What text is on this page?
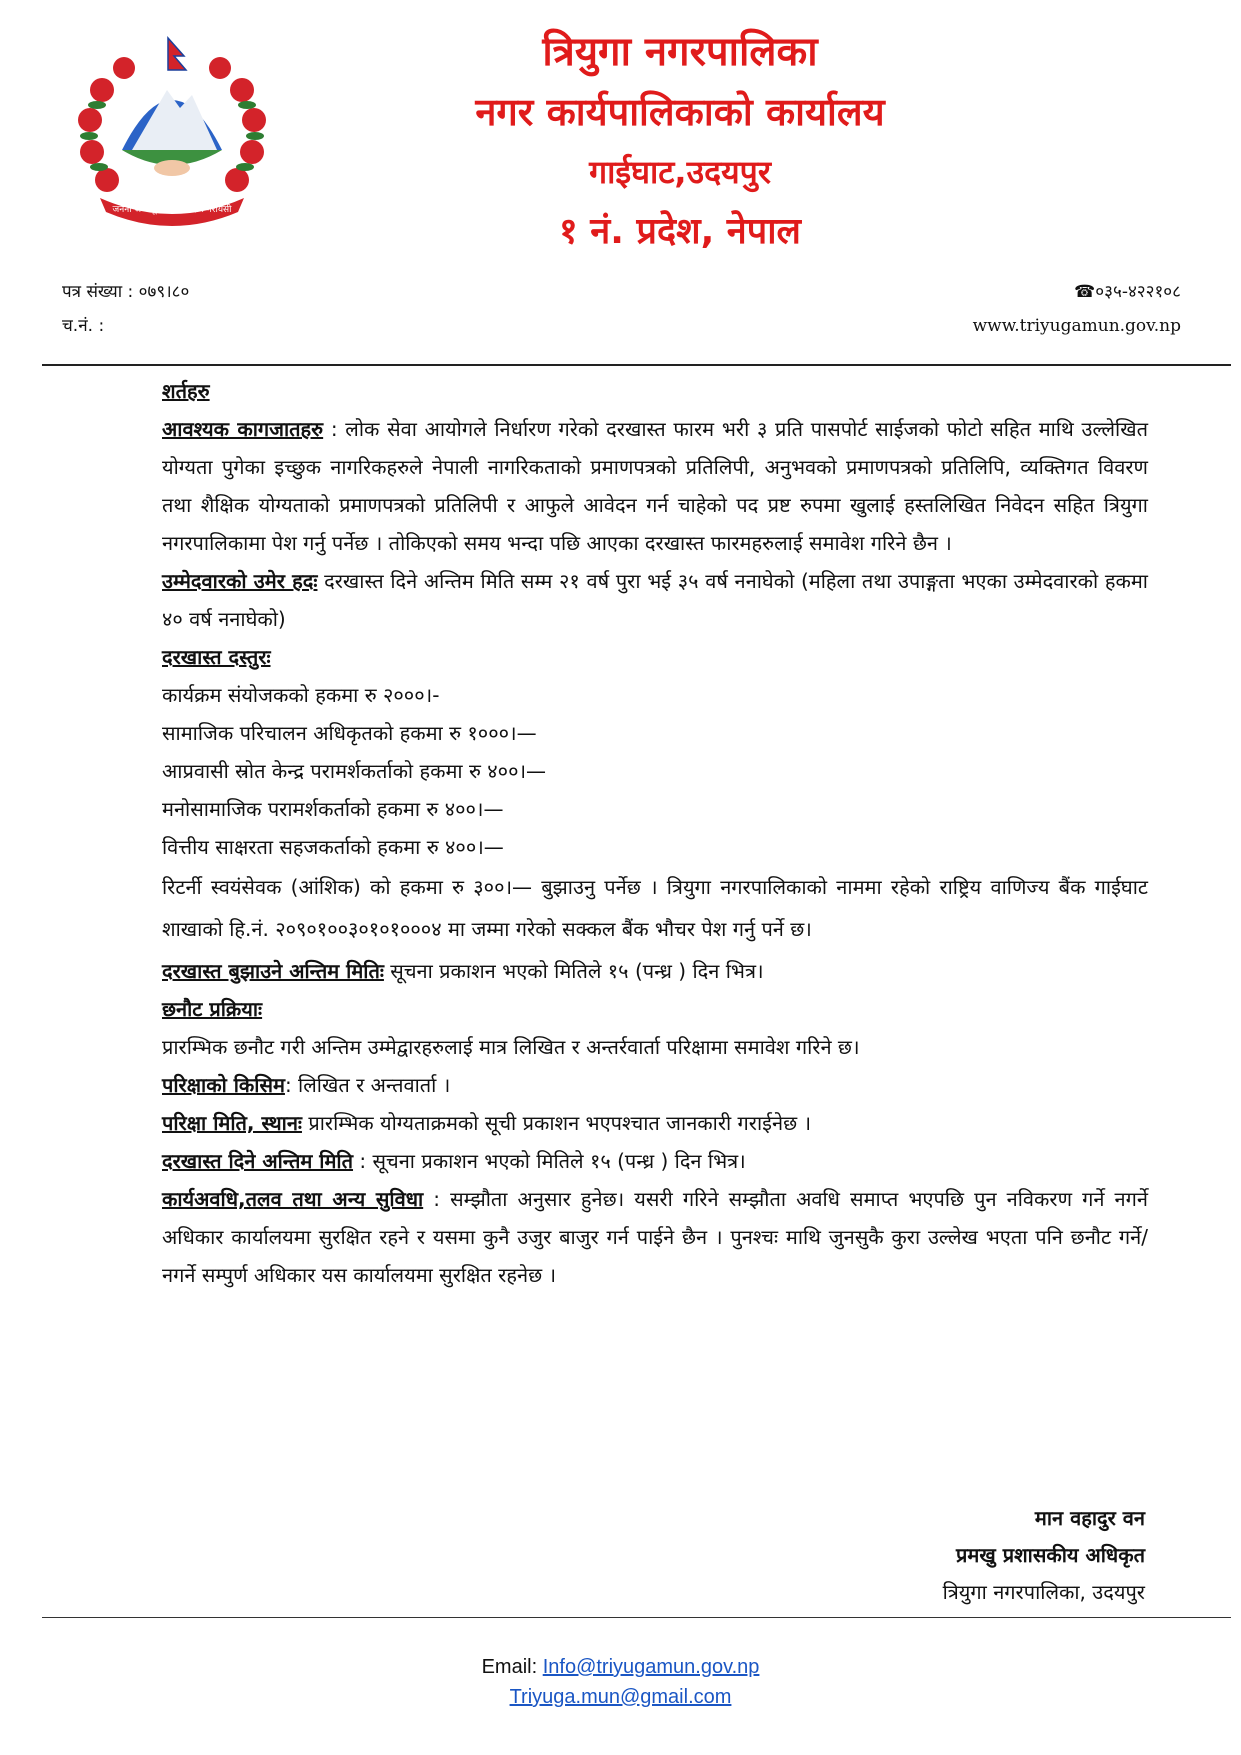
जननी जन्मभूमिश्च स्वर्गादपि गरीयसी
त्रियुगा नगरपालिका
नगर कार्यपालिकाको कार्यालय
गाईघाट,उदयपुर
१ नं. प्रदेश, नेपाल
पत्र संख्या : ०७९।८०
च.नं. :
☎०३५-४२२१०८
www.triyugamun.gov.np

शर्तहरु

आवश्यक कागजातहरु : लोक सेवा आयोगले निर्धारण गरेको दरखास्त फारम भरी ३ प्रति पासपोर्ट साईजको फोटो सहित माथि उल्लेखित योग्यता पुगेका इच्छुक नागरिकहरुले नेपाली नागरिकताको प्रमाणपत्रको प्रतिलिपी, अनुभवको प्रमाणपत्रको प्रतिलिपि, व्यक्तिगत विवरण तथा शैक्षिक योग्यताको प्रमाणपत्रको प्रतिलिपी र आफुले आवेदन गर्न चाहेको पद प्रष्ट रुपमा खुलाई हस्तलिखित निवेदन सहित त्रियुगा नगरपालिकामा पेश गर्नु पर्नेछ । तोकिएको समय भन्दा पछि आएका दरखास्त फारमहरुलाई समावेश गरिने छैन ।

उम्मेदवारको उमेर हदः दरखास्त दिने अन्तिम मिति सम्म २१ वर्ष पुरा भई ३५ वर्ष ननाघेको (महिला तथा उपाङ्गता भएका उम्मेदवारको हकमा ४० वर्ष ननाघेको)

दरखास्त दस्तुरः

कार्यक्रम संयोजकको हकमा रु २०००।-

सामाजिक परिचालन अधिकृतको हकमा रु १०००।—

आप्रवासी स्रोत केन्द्र परामर्शकर्ताको हकमा रु ४००।—

मनोसामाजिक परामर्शकर्ताको हकमा रु ४००।—

वित्तीय साक्षरता सहजकर्ताको हकमा रु ४००।—

रिटर्नी स्वयंसेवक (आंशिक) को हकमा रु ३००।— बुझाउनु पर्नेछ । त्रियुगा नगरपालिकाको नाममा रहेको राष्ट्रिय वाणिज्य बैंक गाईघाट शाखाको हि.नं. २०९०१००३०१०१०००४ मा जम्मा गरेको सक्कल बैंक भौचर पेश गर्नु पर्ने छ।

दरखास्त बुझाउने अन्तिम मितिः सूचना प्रकाशन भएको मितिले १५ (पन्ध्र ) दिन भित्र।

छनौट प्रक्रियाः

प्रारम्भिक छनौट गरी अन्तिम उम्मेद्वारहरुलाई मात्र लिखित र अन्तर्रवार्ता परिक्षामा समावेश गरिने छ।

परिक्षाको किसिम: लिखित र अन्तवार्ता ।

परिक्षा मिति, स्थानः प्रारम्भिक योग्यताक्रमको सूची प्रकाशन भएपश्चात जानकारी गराईनेछ ।

दरखास्त दिने अन्तिम मिति : सूचना प्रकाशन भएको मितिले १५ (पन्ध्र ) दिन भित्र।

कार्यअवधि,तलव तथा अन्य सुविधा : सम्झौता अनुसार हुनेछ। यसरी गरिने सम्झौता अवधि समाप्त भएपछि पुन नविकरण गर्ने नगर्ने अधिकार कार्यालयमा सुरक्षित रहने र यसमा कुनै उजुर बाजुर गर्न पाईने छैन । पुनश्चः माथि जुनसुकै कुरा उल्लेख भएता पनि छनौट गर्ने/नगर्ने सम्पुर्ण अधिकार यस कार्यालयमा सुरक्षित रहनेछ ।

मान वहादुर वन
प्रमखु प्रशासकीय अधिकृत
त्रियुगा नगरपालिका, उदयपुर
Email: Info@triyugamun.gov.np
Triyuga.mun@gmail.com
